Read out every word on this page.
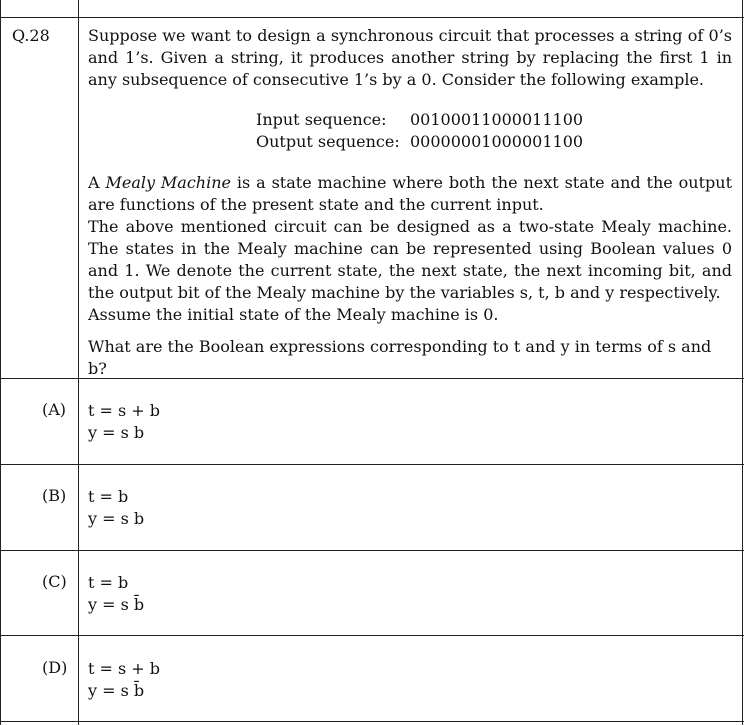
Q.28 Suppose we want to design a synchronous circuit that processes a string of 0’s and 1’s. Given a string, it produces another string by replacing the first 1 in any subsequence of consecutive 1’s by a 0. Consider the following example.

Input sequence: 00100011000011100
Output sequence: 00000001000001100

A Mealy Machine is a state machine where both the next state and the output are functions of the present state and the current input.

The above mentioned circuit can be designed as a two-state Mealy machine. The states in the Mealy machine can be represented using Boolean values 0 and 1. We denote the current state, the next state, the next incoming bit, and the output bit of the Mealy machine by the variables s, t, b and y respectively.

Assume the initial state of the Mealy machine is 0.

What are the Boolean expressions corresponding to t and y in terms of s and b?
(A) t = s + b
y = s b
(B) t = b
y = s b
(C) t = b
y = s b̄
(D) t = s + b
y = s b̄
